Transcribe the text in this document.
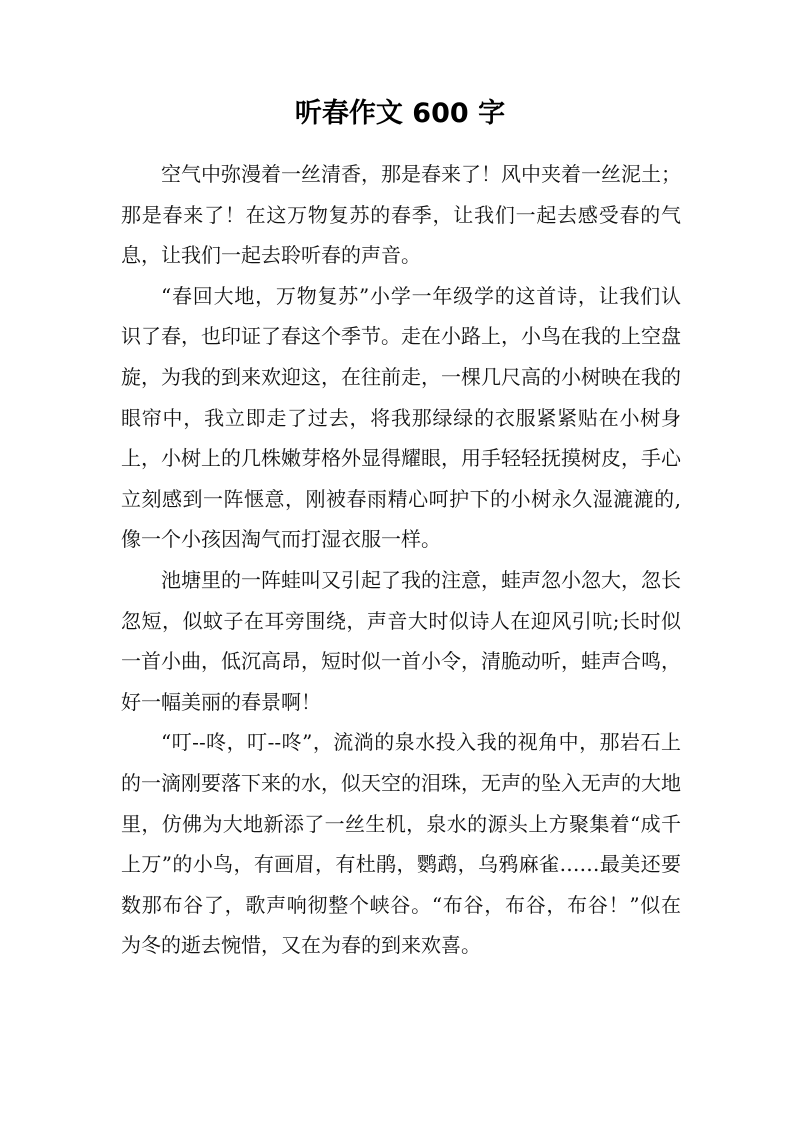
听春作文 600 字

空气中弥漫着一丝清香，那是春来了！风中夹着一丝泥土；那是春来了！在这万物复苏的春季，让我们一起去感受春的气息，让我们一起去聆听春的声音。

“春回大地，万物复苏”小学一年级学的这首诗，让我们认识了春，也印证了春这个季节。走在小路上，小鸟在我的上空盘旋，为我的到来欢迎这，在往前走，一棵几尺高的小树映在我的眼帘中，我立即走了过去，将我那绿绿的衣服紧紧贴在小树身上，小树上的几株嫩芽格外显得耀眼，用手轻轻抚摸树皮，手心立刻感到一阵惬意，刚被春雨精心呵护下的小树永久湿漉漉的,像一个小孩因淘气而打湿衣服一样。

池塘里的一阵蛙叫又引起了我的注意，蛙声忽小忽大，忽长忽短，似蚊子在耳旁围绕，声音大时似诗人在迎风引吭;长时似一首小曲，低沉高昂，短时似一首小令，清脆动听，蛙声合鸣，好一幅美丽的春景啊！

“叮--咚，叮--咚”，流淌的泉水投入我的视角中，那岩石上的一滴刚要落下来的水，似天空的泪珠，无声的坠入无声的大地里，仿佛为大地新添了一丝生机，泉水的源头上方聚集着“成千上万”的小鸟，有画眉，有杜鹃，鹦鹉，乌鸦麻雀……最美还要数那布谷了，歌声响彻整个峡谷。“布谷，布谷，布谷！”似在为冬的逝去惋惜，又在为春的到来欢喜。
